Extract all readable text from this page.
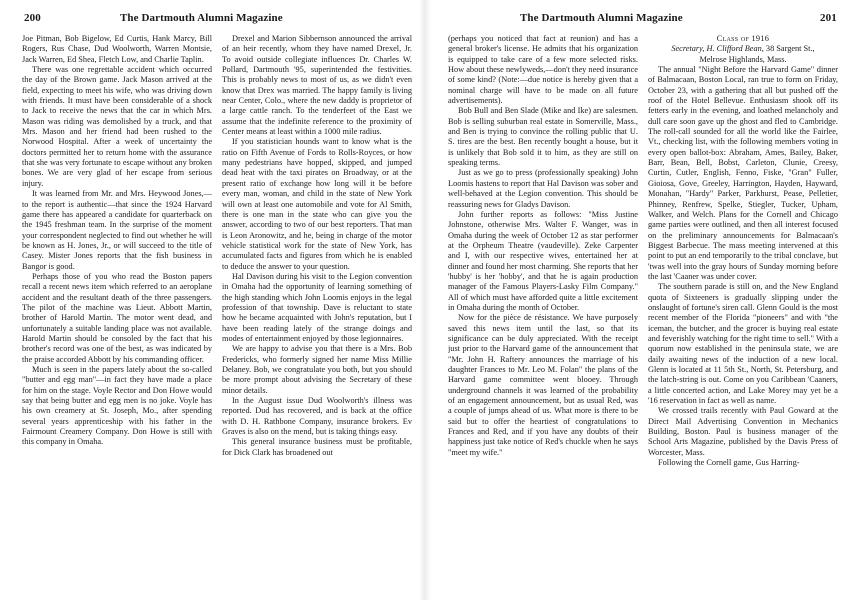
200	The Dartmouth Alumni Magazine

Joe Pitman, Bob Bigelow, Ed Curtis, Hank Marcy, Bill Rogers, Rus Chase, Dud Woolworth, Warren Montsie, Jack Warren, Ed Shea, Fletch Low, and Charlie Taplin.

There was one regrettable accident which occurred the day of the Brown game. Jack Mason arrived at the field, expecting to meet his wife, who was driving down with friends. It must have been considerable of a shock to Jack to receive the news that the car in which Mrs. Mason was riding was demolished by a truck, and that Mrs. Mason and her friend had been rushed to the Norwood Hospital. After a week of uncertainty the doctors permitted her to return home with the assurance that she was very fortunate to escape without any broken bones. We are very glad of her escape from serious injury.

It was learned from Mr. and Mrs. Heywood Jones,—to the report is authentic—that since the 1924 Harvard game there has appeared a candidate for quarterback on the 1945 freshman team. In the surprise of the moment your correspondent neglected to find out whether he will be known as H. Jones, Jr., or will succeed to the title of Casey. Mister Jones reports that the fish business in Bangor is good.

Perhaps those of you who read the Boston papers recall a recent news item which referred to an aeroplane accident and the resultant death of the three passengers. The pilot of the machine was Lieut. Abbott Martin, brother of Harold Martin. The motor went dead, and unfortunately a suitable landing place was not available. Harold Martin should be consoled by the fact that his brother's record was one of the best, as was indicated by the praise accorded Abbott by his commanding officer.

Much is seen in the papers lately about the so-called "butter and egg man"—in fact they have made a place for him on the stage. Voyle Rector and Don Howe would say that being butter and egg men is no joke. Voyle has his own creamery at St. Joseph, Mo., after spending several years apprenticeship with his father in the Fairmount Creamery Company. Don Howe is still with this company in Omaha.

Drexel and Marion Sibbernson announced the arrival of an heir recently, whom they have named Drexel, Jr. To avoid outside collegiate influences Dr. Charles W. Pollard, Dartmouth '95, superintended the festivities. This is probably news to most of us, as we didn't even know that Drex was married. The happy family is living near Center, Colo., where the new daddy is proprietor of a large cattle ranch. To the tenderfeet of the East we assume that the indefinite reference to the proximity of Center means at least within a 1000 mile radius.

If you statistician hounds want to know what is the ratio on Fifth Avenue of Fords to Rolls-Royces, or how many pedestrians have hopped, skipped, and jumped dead heat with the taxi pirates on Broadway, or at the present ratio of exchange how long will it be before every man, woman, and child in the state of New York will own at least one automobile and vote for Al Smith, there is one man in the state who can give you the answer, according to two of our best reporters. That man is Leon Aronowitz, and he, being in charge of the motor vehicle statistical work for the state of New York, has accumulated facts and figures from which he is enabled to deduce the answer to your question.

Hal Davison during his visit to the Legion convention in Omaha had the opportunity of learning something of the high standing which John Loomis enjoys in the legal profession of that township. Dave is reluctant to state how he became acquainted with John's reputation, but I have been reading lately of the strange doings and modes of entertainment enjoyed by those legionnaires.

We are happy to advise you that there is a Mrs. Bob Fredericks, who formerly signed her name Miss Millie Delaney. Bob, we congratulate you both, but you should be more prompt about advising the Secretary of these minor details.

In the August issue Dud Woolworth's illness was reported. Dud has recovered, and is back at the office with D. H. Rathbone Company, insurance brokers. Ev Graves is also on the mend, but is taking things easy.

This general insurance business must be profitable, for Dick Clark has broadened out

The Dartmouth Alumni Magazine	201

(perhaps you noticed that fact at reunion) and has a general broker's license. He admits that his organization is equipped to take care of a few more selected risks. How about these newlyweds,—don't they need insurance of some kind? (Note:—due notice is hereby given that a nominal charge will have to be made on all future advertisements).

Bob Bull and Ben Slade (Mike and Ike) are salesmen. Bob is selling suburban real estate in Somerville, Mass., and Ben is trying to convince the rolling public that U. S. tires are the best. Ben recently bought a house, but it is unlikely that Bob sold it to him, as they are still on speaking terms.

Just as we go to press (professionally speaking) John Loomis hastens to report that Hal Davison was sober and well-behaved at the Legion convention. This should be reassuring news for Gladys Davison.

John further reports as follows: "Miss Justine Johnstone, otherwise Mrs. Walter F. Wanger, was in Omaha during the week of October 12 as star performer at the Orpheum Theatre (vaudeville). Zeke Carpenter and I, with our respective wives, entertained her at dinner and found her most charming. She reports that her 'hubby' is her 'hobby', and that he is again production manager of the Famous Players-Lasky Film Company." All of which must have afforded quite a little excitement in Omaha during the month of October.

Now for the pièce de résistance. We have purposely saved this news item until the last, so that its significance can be duly appreciated. With the receipt just prior to the Harvard game of the announcement that "Mr. John H. Raftery announces the marriage of his daughter Frances to Mr. Leo M. Folan" the plans of the Harvard game committee went blooey. Through underground channels it was learned of the probability of an engagement announcement, but as usual Red, was a couple of jumps ahead of us. What more is there to be said but to offer the heartiest of congratulations to Frances and Red, and if you have any doubts of their happiness just take notice of Red's chuckle when he says "meet my wife."

Class of 1916

Secretary, H. Clifford Bean, 38 Sargent St.,

Melrose Highlands, Mass.

The annual "Night Before the Harvard Game" dinner of Balmacaan, Boston Local, ran true to form on Friday, October 23, with a gathering that all but pushed off the roof of the Hotel Bellevue. Enthusiasm shook off its fetters early in the evening, and loathed melancholy and dull care soon gave up the ghost and fled to Cambridge. The roll-call sounded for all the world like the Fairlee, Vt., checking list, with the following members voting in every open ballot-box: Abraham, Ames, Bailey, Baker, Barr, Bean, Bell, Bobst, Carleton, Clunie, Creesy, Curtin, Cutler, English, Fenno, Fiske, "Gran" Fuller, Gioiosa, Gove, Greeley, Harrington, Hayden, Hayward, Monahan, "Hardy" Parker, Parkhurst, Pease, Pelletier, Phinney, Renfrew, Spelke, Stiegler, Tucker, Upham, Walker, and Welch. Plans for the Cornell and Chicago game parties were outlined, and then all interest focused on the preliminary announcements for Balmacaan's Biggest Barbecue. The mass meeting intervened at this point to put an end temporarily to the tribal conclave, but 'twas well into the gray hours of Sunday morning before the last 'Caaner was under cover.

The southern parade is still on, and the New England quota of Sixteeners is gradually slipping under the onslaught of fortune's siren call. Glenn Gould is the most recent member of the Florida "pioneers" and with "the iceman, the butcher, and the grocer is buying real estate and feverishly watching for the right time to sell." With a quorum now established in the peninsula state, we are daily awaiting news of the induction of a new local. Glenn is located at 11 5th St., North, St. Petersburg, and the latch-string is out. Come on you Caribbean 'Caaners, a little concerted action, and Lake Morey may yet be a '16 reservation in fact as well as name.

We crossed trails recently with Paul Goward at the Direct Mail Advertising Convention in Mechanics Building, Boston. Paul is business manager of the School Arts Magazine, published by the Davis Press of Worcester, Mass.

Following the Cornell game, Gus Harring-
